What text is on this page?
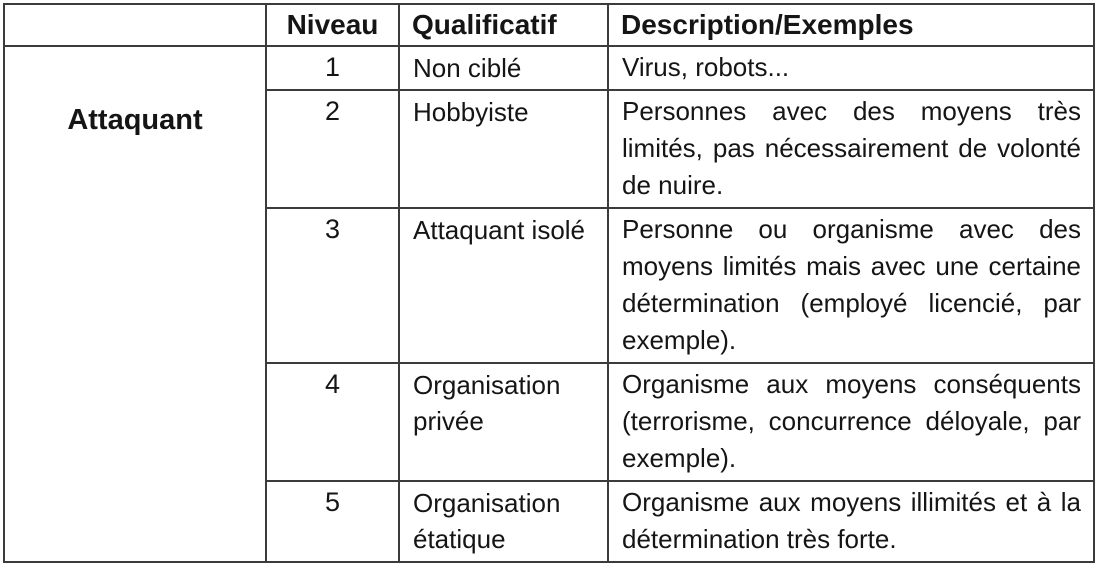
	Niveau	Qualificatif	Description/Exemples
Attaquant	1	Non ciblé	Virus, robots...
	2	Hobbyiste	Personnes avec des moyens très limités, pas nécessairement de volonté de nuire.
	3	Attaquant isolé	Personne ou organisme avec des moyens limités mais avec une certaine détermination (employé licencié, par exemple).
	4	Organisation privée	Organisme aux moyens conséquents (terrorisme, concurrence déloyale, par exemple).
	5	Organisation étatique	Organisme aux moyens illimités et à la détermination très forte.
